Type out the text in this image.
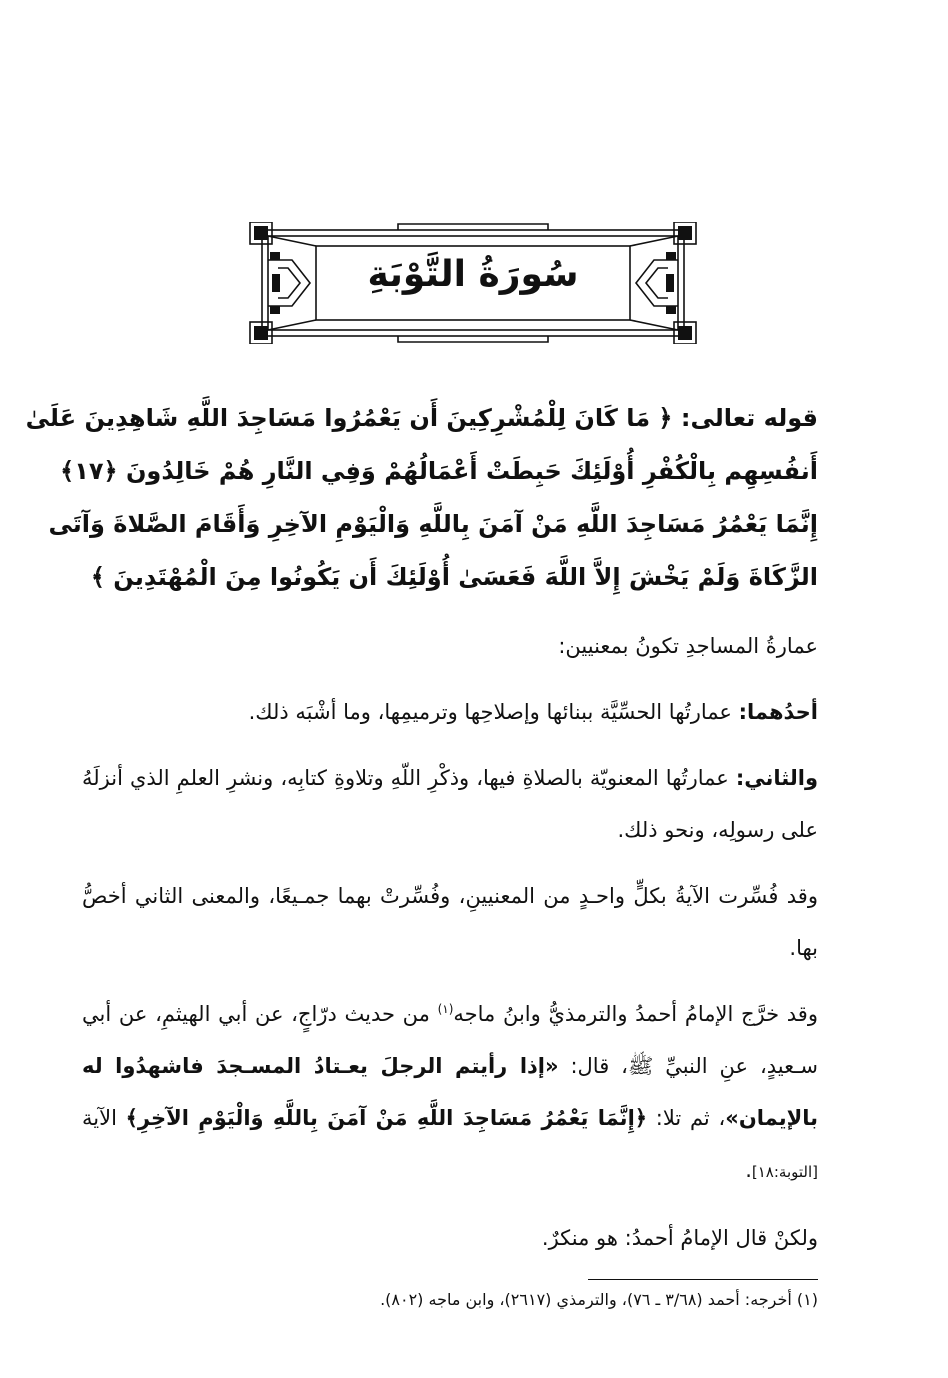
سُورَةُ التَّوْبَةِ
قوله تعالى: ﴿ مَا كَانَ لِلْمُشْرِكِينَ أَن يَعْمُرُوا مَسَاجِدَ اللَّهِ شَاهِدِينَ عَلَىٰ
أَنفُسِهِم بِالْكُفْرِ أُوْلَئِكَ حَبِطَتْ أَعْمَالُهُمْ وَفِي النَّارِ هُمْ خَالِدُونَ ﴿١٧﴾
إِنَّمَا يَعْمُرُ مَسَاجِدَ اللَّهِ مَنْ آمَنَ بِاللَّهِ وَالْيَوْمِ الآخِرِ وَأَقَامَ الصَّلاةَ وَآتَى
الزَّكَاةَ وَلَمْ يَخْشَ إِلاَّ اللَّهَ فَعَسَىٰ أُوْلَئِكَ أَن يَكُونُوا مِنَ الْمُهْتَدِينَ ﴾
عمارةُ المساجدِ تكونُ بمعنيين:
أحدُهما: عمارتُها الحسِّيَّة ببنائها وإصلاحِها وترميمِها، وما أشْبَه ذلك.
والثاني: عمارتُها المعنويّة بالصلاةِ فيها، وذكْرِ اللّهِ وتلاوةِ كتابِه، ونشرِ العلمِ الذي أنزلَهُ على رسولِه، ونحو ذلك.
وقد فُسِّرت الآيةُ بكلٍّ واحـدٍ من المعنيينِ، وفُسِّرتْ بهما جمـيعًا، والمعنى الثاني أخصُّ بها.
وقد خرَّج الإمامُ أحمدُ والترمذيُّ وابنُ ماجه$^{(١)}$ من حديث درّاجٍ، عن أبي الهيثمِ، عن أبي سـعيدٍ، عنِ النبيِّ ﷺ، قال: «إذا رأيتم الرجلَ يعـتادُ المسـجدَ فاشهدُوا له بالإيمان»، ثم تلا: ﴿إِنَّمَا يَعْمُرُ مَسَاجِدَ اللَّهِ مَنْ آمَنَ بِاللَّهِ وَالْيَوْمِ الآخِرِ﴾ الآية [التوبة:١٨].
ولكنْ قال الإمامُ أحمدُ: هو منكرٌ.
(١) أخرجه: أحمد (٣/٦٨ ـ ٧٦)، والترمذي (٢٦١٧)، وابن ماجه (٨٠٢).
